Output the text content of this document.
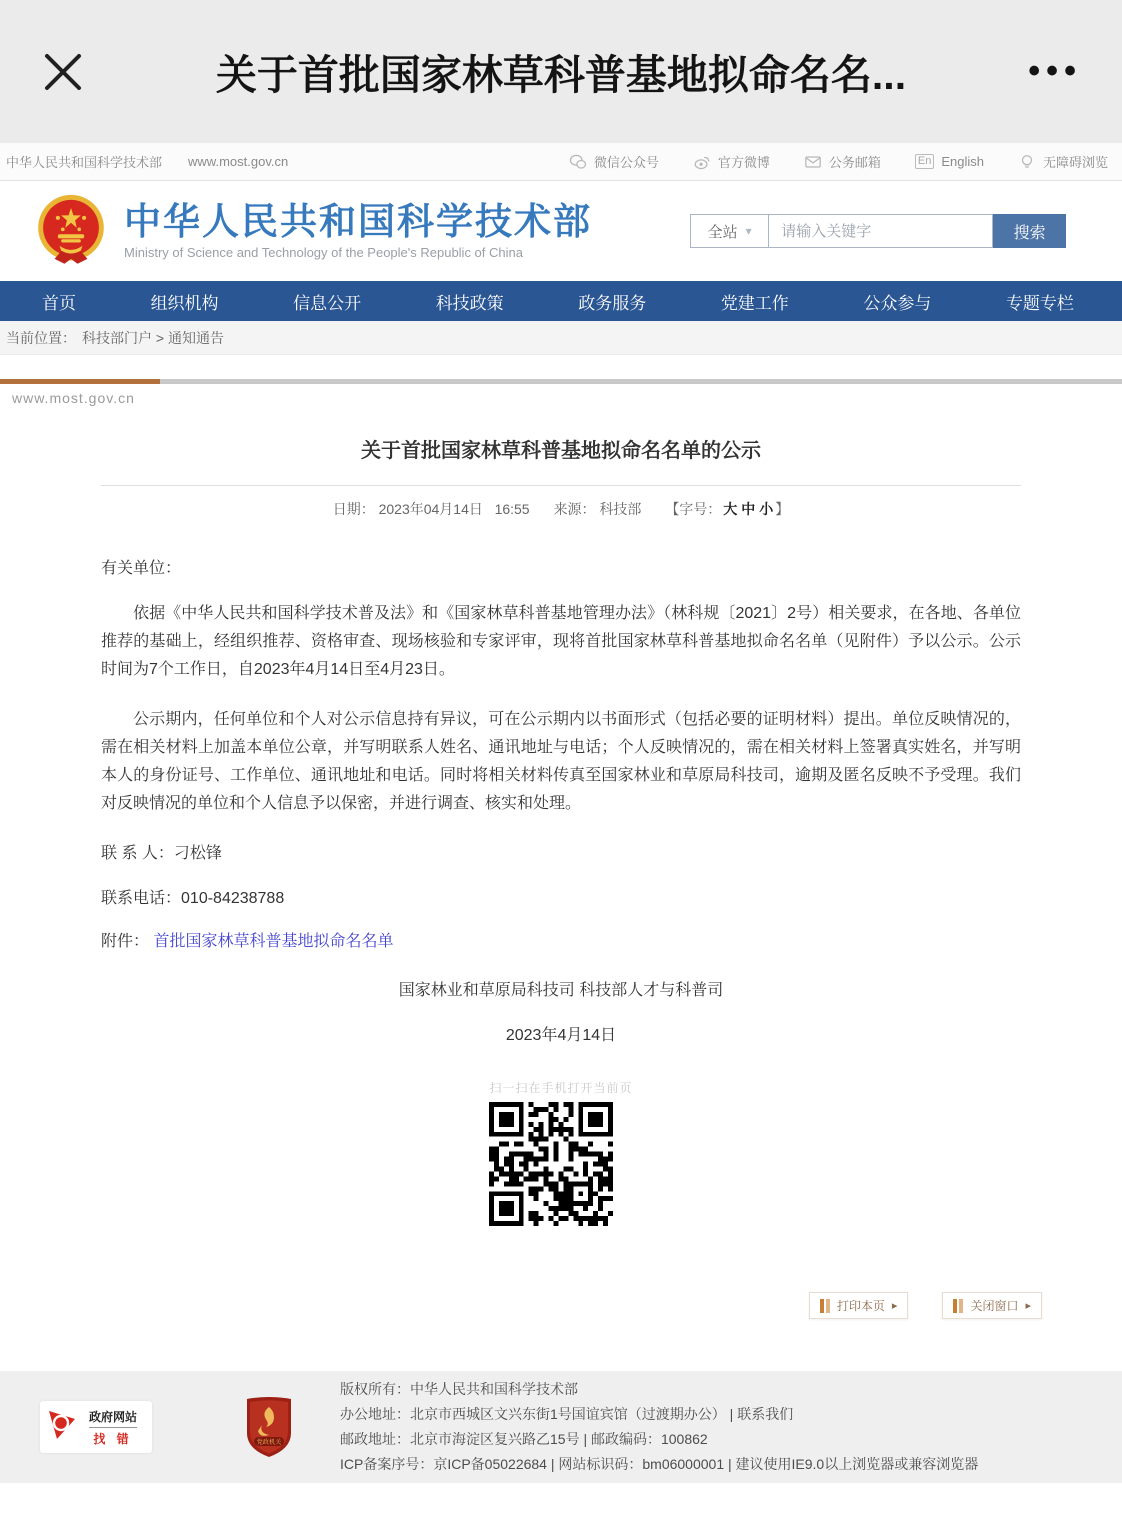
关于首批国家林草科普基地拟命名名...	•••
中华人民共和国科学技术部 www.most.gov.cn	微信公众号	官方微博	公务邮箱	En English	无障碍浏览
中华人民共和国科学技术部
Ministry of Science and Technology of the People's Republic of China
全站 ▾
请输入关键字	搜索
首页	组织机构	信息公开	科技政策	政务服务	党建工作	公众参与	专题专栏
当前位置： 科技部门户 > 通知通告
www.most.gov.cn
关于首批国家林草科普基地拟命名名单的公示
日期： 2023年04月14日 16:55 来源： 科技部 【字号： 大 中 小 】
有关单位：

依据《中华人民共和国科学技术普及法》和《国家林草科普基地管理办法》（林科规〔2021〕2号）相关要求，在各地、各单位推荐的基础上，经组织推荐、资格审查、现场核验和专家评审，现将首批国家林草科普基地拟命名名单（见附件）予以公示。公示时间为7个工作日，自2023年4月14日至4月23日。

公示期内，任何单位和个人对公示信息持有异议，可在公示期内以书面形式（包括必要的证明材料）提出。单位反映情况的，需在相关材料上加盖本单位公章，并写明联系人姓名、通讯地址与电话；个人反映情况的，需在相关材料上签署真实姓名，并写明本人的身份证号、工作单位、通讯地址和电话。同时将相关材料传真至国家林业和草原局科技司，逾期及匿名反映不予受理。我们对反映情况的单位和个人信息予以保密，并进行调查、核实和处理。

联 系 人：刁松锋
联系电话：010-84238788
附件： 首批国家林草科普基地拟命名名单
国家林业和草原局科技司 科技部人才与科普司
2023年4月14日
扫一扫在手机打开当前页
打印本页 ▸	关闭窗口 ▸
政府网站
找 错	党政机关
版权所有：中华人民共和国科学技术部
办公地址：北京市西城区文兴东街1号国谊宾馆（过渡期办公） | 联系我们
邮政地址：北京市海淀区复兴路乙15号 | 邮政编码：100862
ICP备案序号：京ICP备05022684 | 网站标识码：bm06000001 | 建议使用IE9.0以上浏览器或兼容浏览器
